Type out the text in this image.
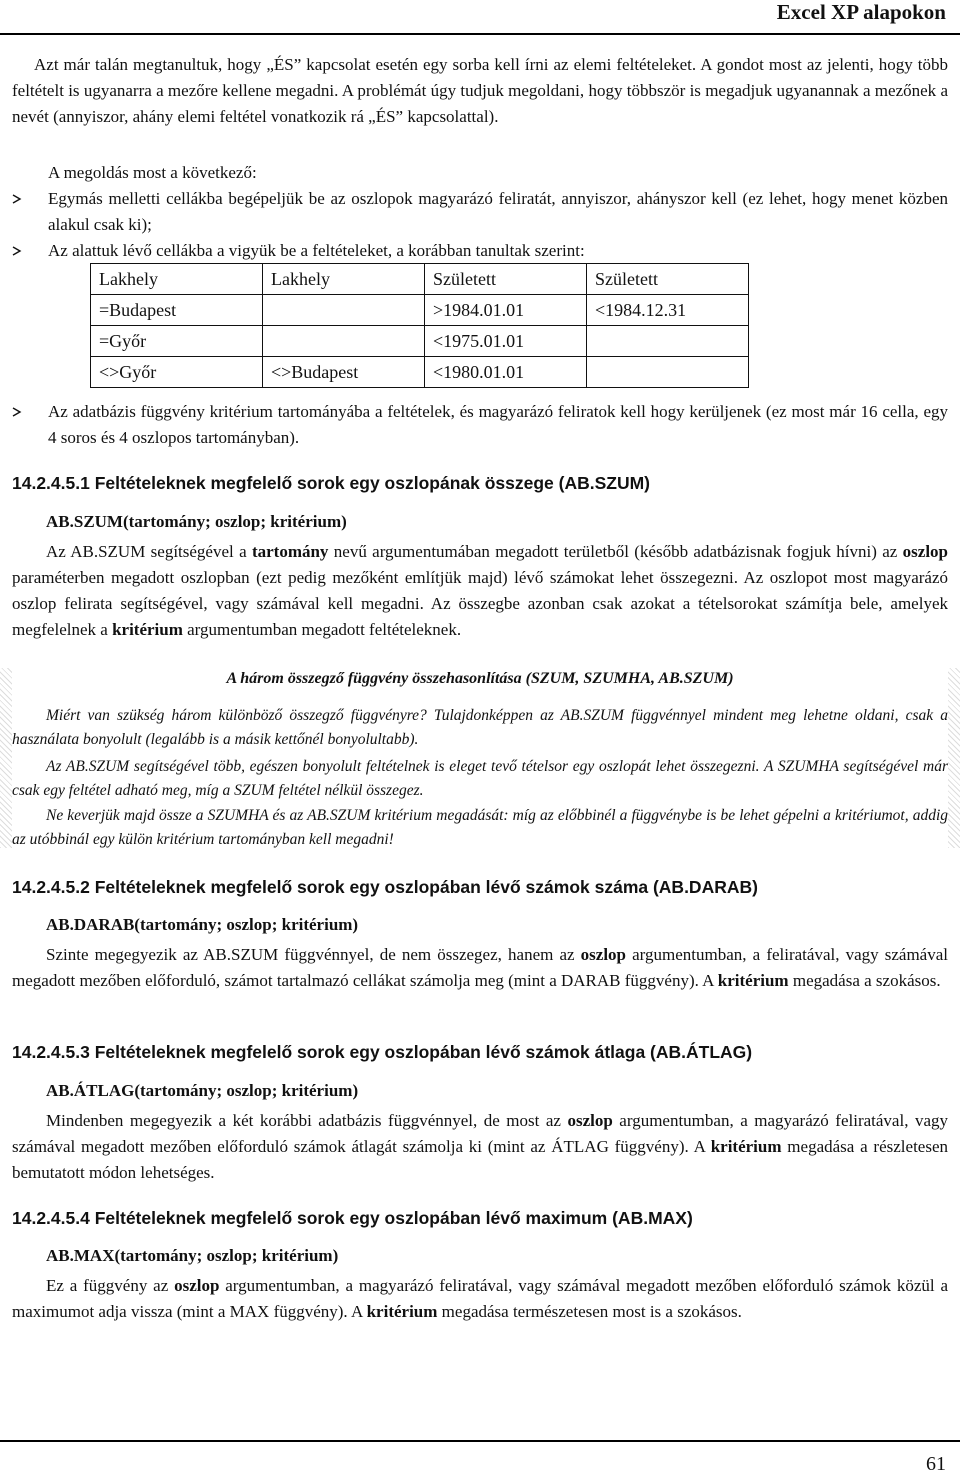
Excel XP alapokon
Azt már talán megtanultuk, hogy „ÉS” kapcsolat esetén egy sorba kell írni az elemi feltételeket. A gondot most az jelenti, hogy több feltételt is ugyanarra a mezőre kellene megadni. A problémát úgy tudjuk megoldani, hogy többször is megadjuk ugyanannak a mezőnek a nevét (annyiszor, ahány elemi feltétel vonatkozik rá „ÉS” kapcsolattal).
A megoldás most a következő:
Egymás melletti cellákba begépeljük be az oszlopok magyarázó feliratát, annyiszor, ahányszor kell (ez lehet, hogy menet közben alakul csak ki);
Az alattuk lévő cellákba a vigyük be a feltételeket, a korábban tanultak szerint:
Lakhely	Lakhely	Született	Született
=Budapest		>1984.01.01	<1984.12.31
=Győr		<1975.01.01	
<>Győr	<>Budapest	<1980.01.01	
Az adatbázis függvény kritérium tartományába a feltételek, és magyarázó feliratok kell hogy kerüljenek (ez most már 16 cella, egy 4 soros és 4 oszlopos tartományban).
14.2.4.5.1 Feltételeknek megfelelő sorok egy oszlopának összege (AB.SZUM)
AB.SZUM(tartomány; oszlop; kritérium)
Az AB.SZUM segítségével a tartomány nevű argumentumában megadott területből (később adatbázisnak fogjuk hívni) az oszlop paraméterben megadott oszlopban (ezt pedig mezőként említjük majd) lévő számokat lehet összegezni. Az oszlopot most magyarázó oszlop felirata segítségével, vagy számával kell megadni. Az összegbe azonban csak azokat a tételsorokat számítja bele, amelyek megfelelnek a kritérium argumentumban megadott feltételeknek.
A három összegző függvény összehasonlítása (SZUM, SZUMHA, AB.SZUM)
Miért van szükség három különböző összegző függvényre? Tulajdonképpen az AB.SZUM függvénnyel mindent meg lehetne oldani, csak a használata bonyolult (legalább is a másik kettőnél bonyolultabb).
Az AB.SZUM segítségével több, egészen bonyolult feltételnek is eleget tevő tételsor egy oszlopát lehet összegezni. A SZUMHA segítségével már csak egy feltétel adható meg, míg a SZUM feltétel nélkül összegez.
Ne keverjük majd össze a SZUMHA és az AB.SZUM kritérium megadását: míg az előbbinél a függvénybe is be lehet gépelni a kritériumot, addig az utóbbinál egy külön kritérium tartományban kell megadni!
14.2.4.5.2 Feltételeknek megfelelő sorok egy oszlopában lévő számok száma (AB.DARAB)
AB.DARAB(tartomány; oszlop; kritérium)
Szinte megegyezik az AB.SZUM függvénnyel, de nem összegez, hanem az oszlop argumentumban, a feliratával, vagy számával megadott mezőben előforduló, számot tartalmazó cellákat számolja meg (mint a DARAB függvény). A kritérium megadása a szokásos.
14.2.4.5.3 Feltételeknek megfelelő sorok egy oszlopában lévő számok átlaga (AB.ÁTLAG)
AB.ÁTLAG(tartomány; oszlop; kritérium)
Mindenben megegyezik a két korábbi adatbázis függvénnyel, de most az oszlop argumentumban, a magyarázó feliratával, vagy számával megadott mezőben előforduló számok átlagát számolja ki (mint az ÁTLAG függvény). A kritérium megadása a részletesen bemutatott módon lehetséges.
14.2.4.5.4 Feltételeknek megfelelő sorok egy oszlopában lévő maximum (AB.MAX)
AB.MAX(tartomány; oszlop; kritérium)
Ez a függvény az oszlop argumentumban, a magyarázó feliratával, vagy számával megadott mezőben előforduló számok közül a maximumot adja vissza (mint a MAX függvény). A kritérium megadása természetesen most is a szokásos.
61
